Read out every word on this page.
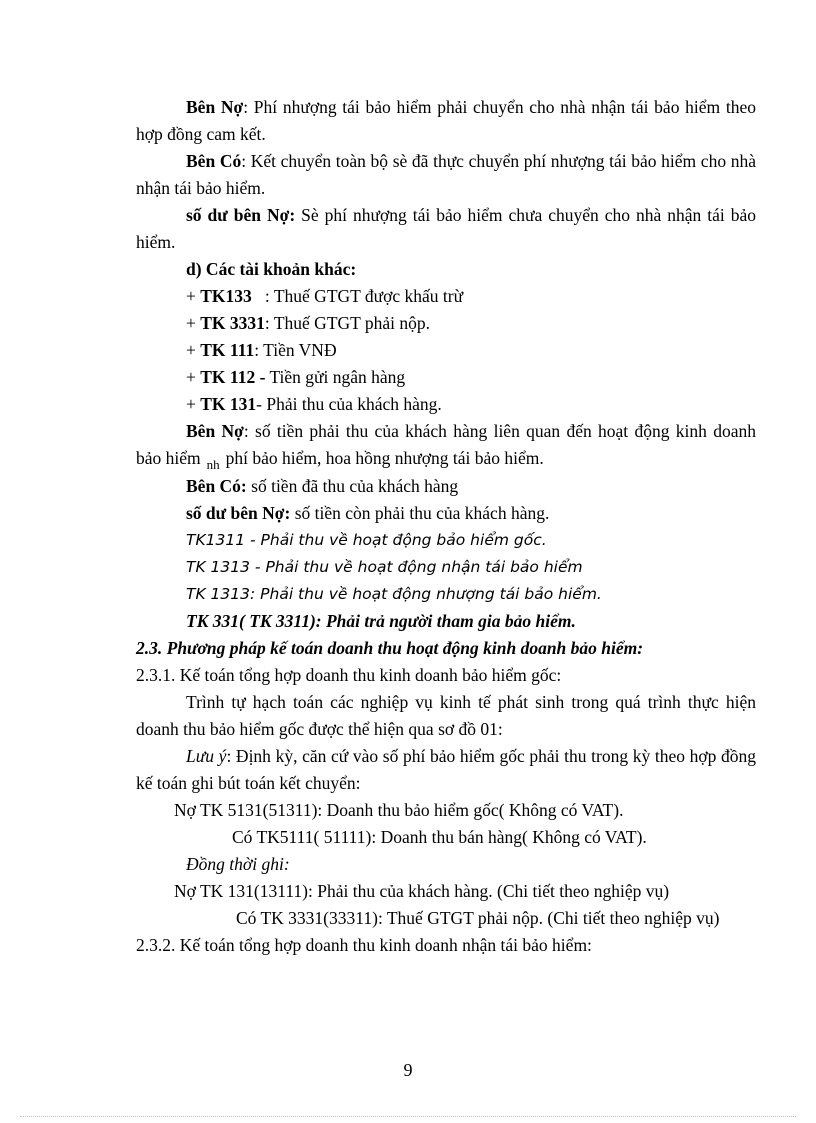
Bên Nợ: Phí nhượng tái bảo hiểm phải chuyển cho nhà nhận tái bảo hiểm theo hợp đồng cam kết.

Bên Có: Kết chuyển toàn bộ sè đã thực chuyển phí nhượng tái bảo hiểm cho nhà nhận tái bảo hiểm.

số dư bên Nợ: Sè phí nhượng tái bảo hiểm chưa chuyển cho nhà nhận tái bảo hiểm.

d) Các tài khoản khác:

+ TK133   : Thuế GTGT được khấu trừ

+ TK 3331: Thuế GTGT phải nộp.

+ TK 111: Tiền VNĐ

+ TK 112 - Tiền gửi ngân hàng

+ TK 131- Phải thu của khách hàng.

Bên Nợ: số tiền phải thu của khách hàng liên quan đến hoạt động kinh doanh bảo hiểm $_{nh}$ phí bảo hiểm, hoa hồng nhượng tái bảo hiểm.

Bên Có: số tiền đã thu của khách hàng

số dư bên Nợ: số tiền còn phải thu của khách hàng.

TK1311 - Phải thu về hoạt động bảo hiểm gốc.

TK 1313 - Phải thu về hoạt động nhận tái bảo hiểm

TK 1313: Phải thu về hoạt động nhượng tái bảo hiểm.

TK 331( TK 3311): Phải trả người tham gia bảo hiểm.

2.3. Phương pháp kế toán doanh thu hoạt động kinh doanh bảo hiểm:

2.3.1. Kế toán tổng hợp doanh thu kinh doanh bảo hiểm gốc:

Trình tự hạch toán các nghiệp vụ kinh tế phát sinh trong quá trình thực hiện doanh thu bảo hiểm gốc được thể hiện qua sơ đồ 01:

Lưu ý: Định kỳ, căn cứ vào số phí bảo hiểm gốc phải thu trong kỳ theo hợp đồng kế toán ghi bút toán kết chuyển:

Nợ TK 5131(51311): Doanh thu bảo hiểm gốc( Không có VAT).

Có TK5111( 51111): Doanh thu bán hàng( Không có VAT).

Đồng thời ghi:

Nợ TK 131(13111): Phải thu của khách hàng. (Chi tiết theo nghiệp vụ)

Có TK 3331(33311): Thuế GTGT phải nộp. (Chi tiết theo nghiệp vụ)

2.3.2. Kế toán tổng hợp doanh thu kinh doanh nhận tái bảo hiểm:

9
